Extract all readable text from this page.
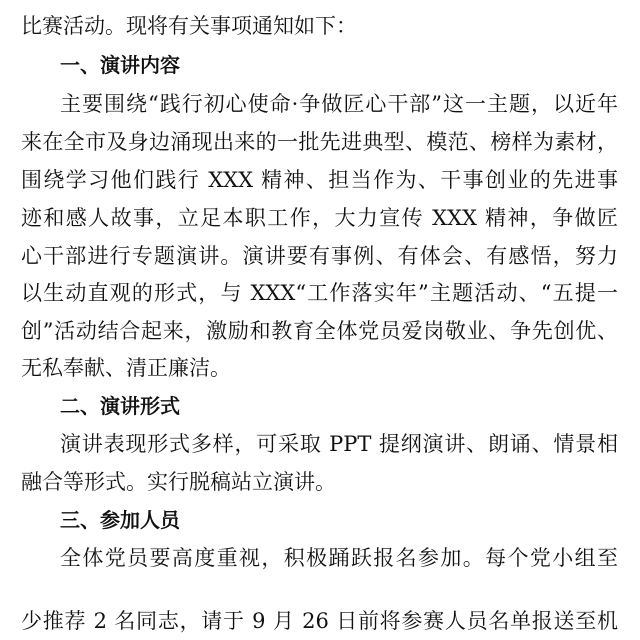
比赛活动。现将有关事项通知如下：
一、演讲内容
主要围绕“践行初心使命·争做匠心干部”这一主题，以近年
来在全市及身边涌现出来的一批先进典型、模范、榜样为素材，
围绕学习他们践行 XXX 精神、担当作为、干事创业的先进事
迹和感人故事，立足本职工作，大力宣传 XXX 精神，争做匠
心干部进行专题演讲。演讲要有事例、有体会、有感悟，努力
以生动直观的形式，与 XXX“工作落实年”主题活动、“五提一
创”活动结合起来，激励和教育全体党员爱岗敬业、争先创优、
无私奉献、清正廉洁。
二、演讲形式
演讲表现形式多样，可采取 PPT 提纲演讲、朗诵、情景相
融合等形式。实行脱稿站立演讲。
三、参加人员
全体党员要高度重视，积极踊跃报名参加。每个党小组至
少推荐 2 名同志，请于 9 月 26 日前将参赛人员名单报送至机
